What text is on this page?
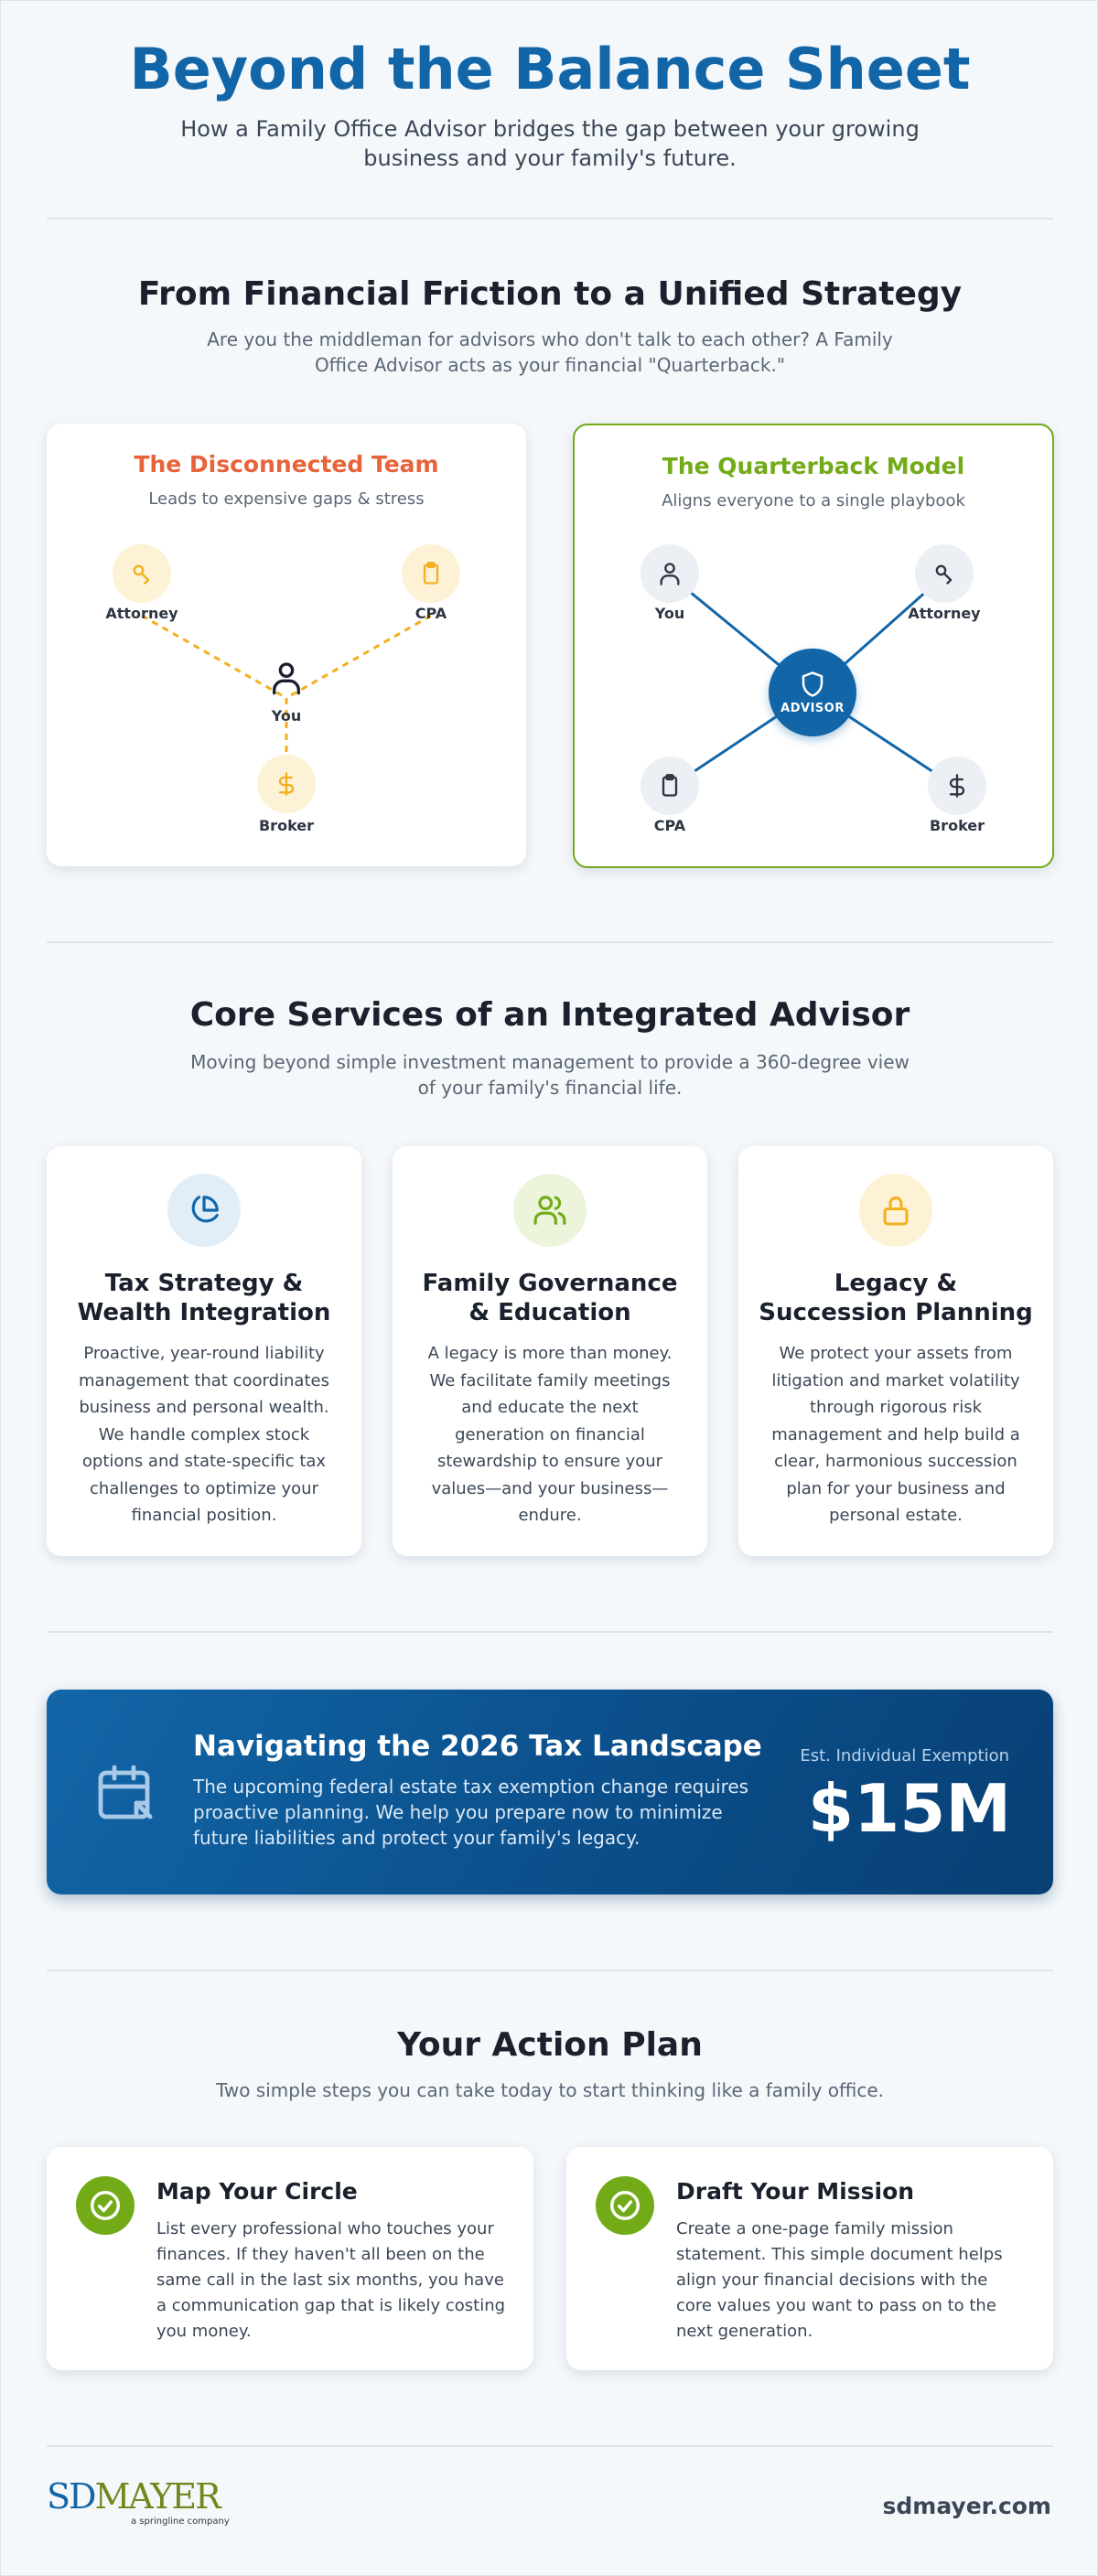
Beyond the Balance Sheet
How a Family Office Advisor bridges the gap between your growing business and your family's future.
From Financial Friction to a Unified Strategy
Are you the middleman for advisors who don't talk to each other? A Family Office Advisor acts as your financial "Quarterback."
The Disconnected Team
Leads to expensive gaps & stress
Attorney	CPA
You
Broker
The Quarterback Model
Aligns everyone to a single playbook
You	Attorney
ADVISOR
CPA	Broker
Core Services of an Integrated Advisor
Moving beyond simple investment management to provide a 360-degree view of your family's financial life.
Tax Strategy & Wealth Integration
Proactive, year-round liability management that coordinates business and personal wealth. We handle complex stock options and state-specific tax challenges to optimize your financial position.
Family Governance & Education
A legacy is more than money. We facilitate family meetings and educate the next generation on financial stewardship to ensure your values—and your business—endure.
Legacy & Succession Planning
We protect your assets from litigation and market volatility through rigorous risk management and help build a clear, harmonious succession plan for your business and personal estate.
Navigating the 2026 Tax Landscape
The upcoming federal estate tax exemption change requires proactive planning. We help you prepare now to minimize future liabilities and protect your family's legacy.
Est. Individual Exemption
$15M
Your Action Plan
Two simple steps you can take today to start thinking like a family office.
Map Your Circle
List every professional who touches your finances. If they haven't all been on the same call in the last six months, you have a communication gap that is likely costing you money.
Draft Your Mission
Create a one-page family mission statement. This simple document helps align your financial decisions with the core values you want to pass on to the next generation.
SDMAYER
a springline company
sdmayer.com
